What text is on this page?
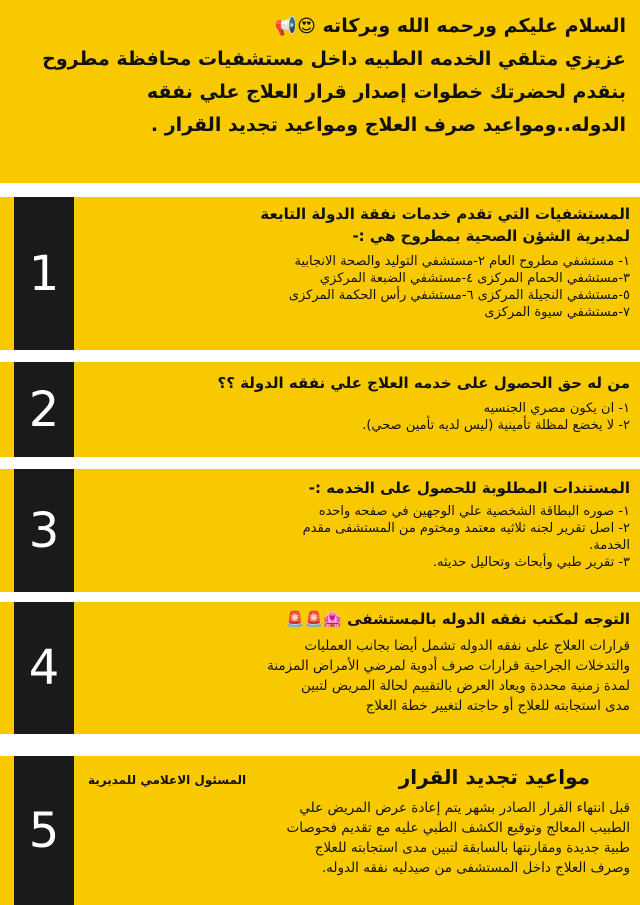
السلام عليكم ورحمه الله وبركاته 😍📢
عزيزي متلقي الخدمه الطبيه داخل مستشفيات محافظة مطروح
بنقدم لحضرتك خطوات إصدار قرار العلاج علي نفقه
الدوله..ومواعيد صرف العلاج ومواعيد تجديد القرار .
1
المستشفيات التي تقدم خدمات نفقة الدولة التابعة
لمديرية الشؤن الصحية بمطروح هي :-
١- مستشفي مطروح العام ٢-مستشفي التوليد والصحة الانجابية
٣-مستشفي الحمام المركزى ٤-مستشفي الضبعة المركزي
٥-مستشفي النجيلة المركزى ٦-مستشفي رأس الحكمة المركزى
٧-مستشفي سيوة المركزى
2	من له حق الحصول على خدمه العلاج علي نفقه الدولة ؟؟
١- ان يكون مصري الجنسيه
٢- لا يخضع لمظلة تأمينية (ليس لديه تأمين صحي).
3
المستندات المطلوبة للحصول على الخدمه :-
١- صوره البطاقة الشخصية علي الوجهين في صفحه واحده
٢- اصل تقرير لجنه ثلاثيه معتمد ومختوم من المستشفى مقدم
الخدمة.
٣- تقرير طبي وأبحاث وتحاليل حديثه.
4
التوجه لمكتب نفقه الدوله بالمستشفى 🏩🚨🚨
قرارات العلاج على نفقه الدوله تشمل أيضا بجانب العمليات
والتدخلات الجراحية قرارات صرف أدوية لمرضي الأمراض المزمنة
لمدة زمنية محددة ويعاد العرض بالتقييم لحالة المريض لتبين
مدى استجابته للعلاج أو حاجته لتغيير خطة العلاج
5
مواعيد تجديد القرار
المسئول الاعلامي للمديرية
قبل انتهاء القرار الصادر بشهر يتم إعادة عرض المريض علي
الطبيب المعالج وتوقيع الكشف الطبي عليه مع تقديم فحوصات
طبية جديدة ومقارنتها بالسابقة لتبين مدى استجابته للعلاج
وصرف العلاج داخل المستشفى من صيدليه نفقه الدوله.
